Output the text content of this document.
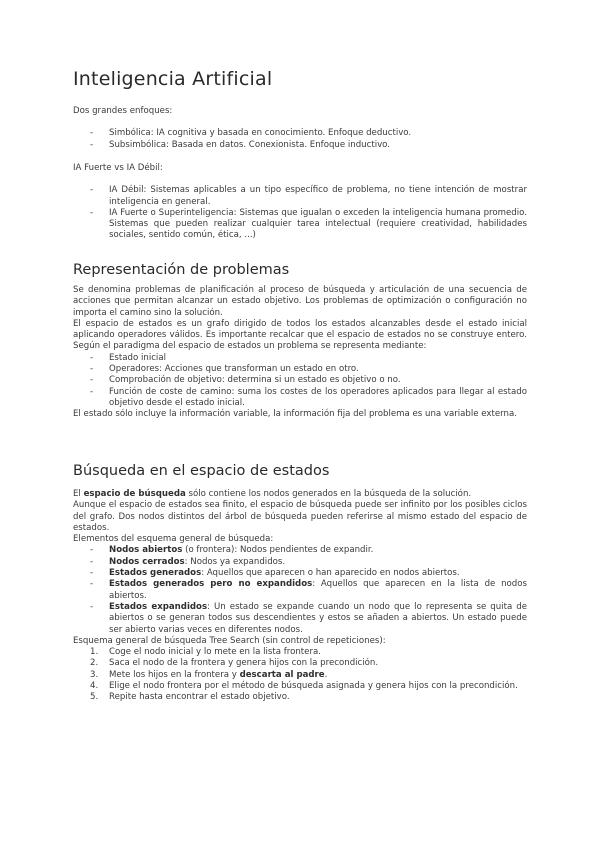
Inteligencia Artificial

Dos grandes enfoques:

- Simbólica: IA cognitiva y basada en conocimiento. Enfoque deductivo.
- Subsimbólica: Basada en datos. Conexionista. Enfoque inductivo.

IA Fuerte vs IA Débil:

- IA Débil: Sistemas aplicables a un tipo específico de problema, no tiene intención de mostrar inteligencia en general.
- IA Fuerte o Superinteligencia: Sistemas que igualan o exceden la inteligencia humana promedio. Sistemas que pueden realizar cualquier tarea intelectual (requiere creatividad, habilidades sociales, sentido común, ética, ...)
Representación de problemas

Se denomina problemas de planificación al proceso de búsqueda y articulación de una secuencia de acciones que permitan alcanzar un estado objetivo. Los problemas de optimización o configuración no importa el camino sino la solución.

El espacio de estados es un grafo dirigido de todos los estados alcanzables desde el estado inicial aplicando operadores válidos. Es importante recalcar que el espacio de estados no se construye entero. Según el paradigma del espacio de estados un problema se representa mediante:

- Estado inicial
- Operadores: Acciones que transforman un estado en otro.
- Comprobación de objetivo: determina si un estado es objetivo o no.
- Función de coste de camino: suma los costes de los operadores aplicados para llegar al estado objetivo desde el estado inicial.

El estado sólo incluye la información variable, la información fija del problema es una variable externa.

Búsqueda en el espacio de estados

El espacio de búsqueda sólo contiene los nodos generados en la búsqueda de la solución.

Aunque el espacio de estados sea finito, el espacio de búsqueda puede ser infinito por los posibles ciclos del grafo. Dos nodos distintos del árbol de búsqueda pueden referirse al mismo estado del espacio de estados.

Elementos del esquema general de búsqueda:

- Nodos abiertos (o frontera): Nodos pendientes de expandir.
- Nodos cerrados: Nodos ya expandidos.
- Estados generados: Aquellos que aparecen o han aparecido en nodos abiertos.
- Estados generados pero no expandidos: Aquellos que aparecen en la lista de nodos abiertos.
- Estados expandidos: Un estado se expande cuando un nodo que lo representa se quita de abiertos o se generan todos sus descendientes y estos se añaden a abiertos. Un estado puede ser abierto varias veces en diferentes nodos.

Esquema general de búsqueda Tree Search (sin control de repeticiones):

1. Coge el nodo inicial y lo mete en la lista frontera.
2. Saca el nodo de la frontera y genera hijos con la precondición.
3. Mete los hijos en la frontera y descarta al padre.
4. Elige el nodo frontera por el método de búsqueda asignada y genera hijos con la precondición.
5. Repite hasta encontrar el estado objetivo.
